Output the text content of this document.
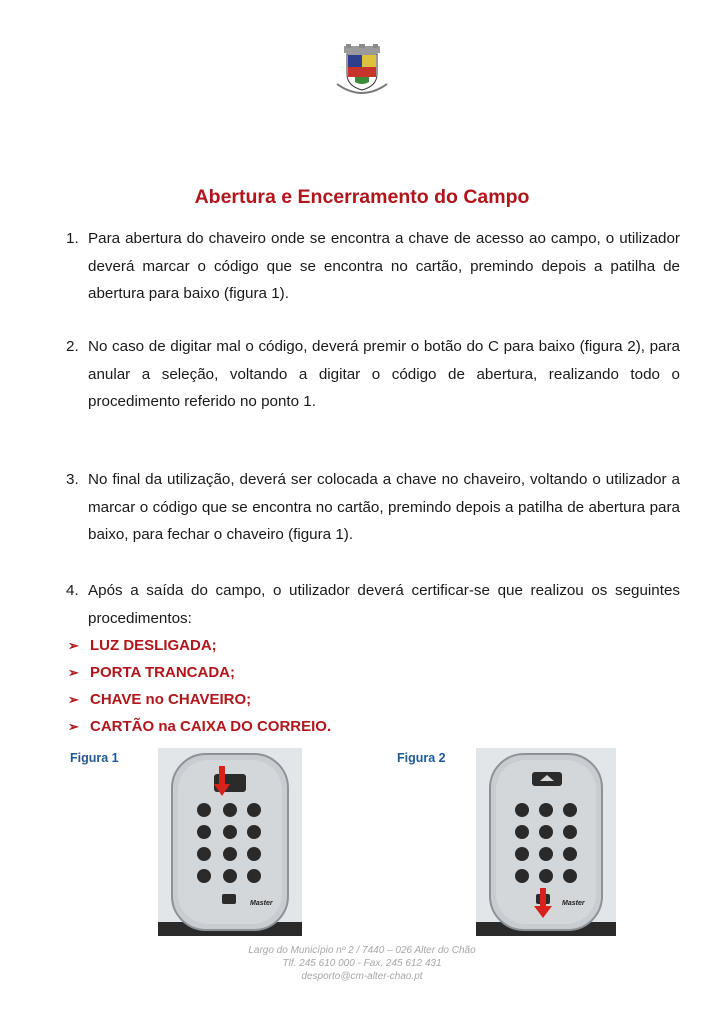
Abertura e Encerramento do Campo
1. Para abertura do chaveiro onde se encontra a chave de acesso ao campo, o utilizador deverá marcar o código que se encontra no cartão, premindo depois a patilha de abertura para baixo (figura 1).
2. No caso de digitar mal o código, deverá premir o botão do C para baixo (figura 2), para anular a seleção, voltando a digitar o código de abertura, realizando todo o procedimento referido no ponto 1.
3. No final da utilização, deverá ser colocada a chave no chaveiro, voltando o utilizador a marcar o código que se encontra no cartão, premindo depois a patilha de abertura para baixo, para fechar o chaveiro (figura 1).
4. Após a saída do campo, o utilizador deverá certificar-se que realizou os seguintes procedimentos:
➢ LUZ DESLIGADA;
➢ PORTA TRANCADA;
➢ CHAVE no CHAVEIRO;
➢ CARTÃO na CAIXA DO CORREIO.
Figura 1	Figura 2
Master	Master
Largo do Município nº 2 / 7440 – 026 Alter do Chão
Tlf. 245 610 000 - Fax. 245 612 431
desporto@cm-alter-chao.pt
